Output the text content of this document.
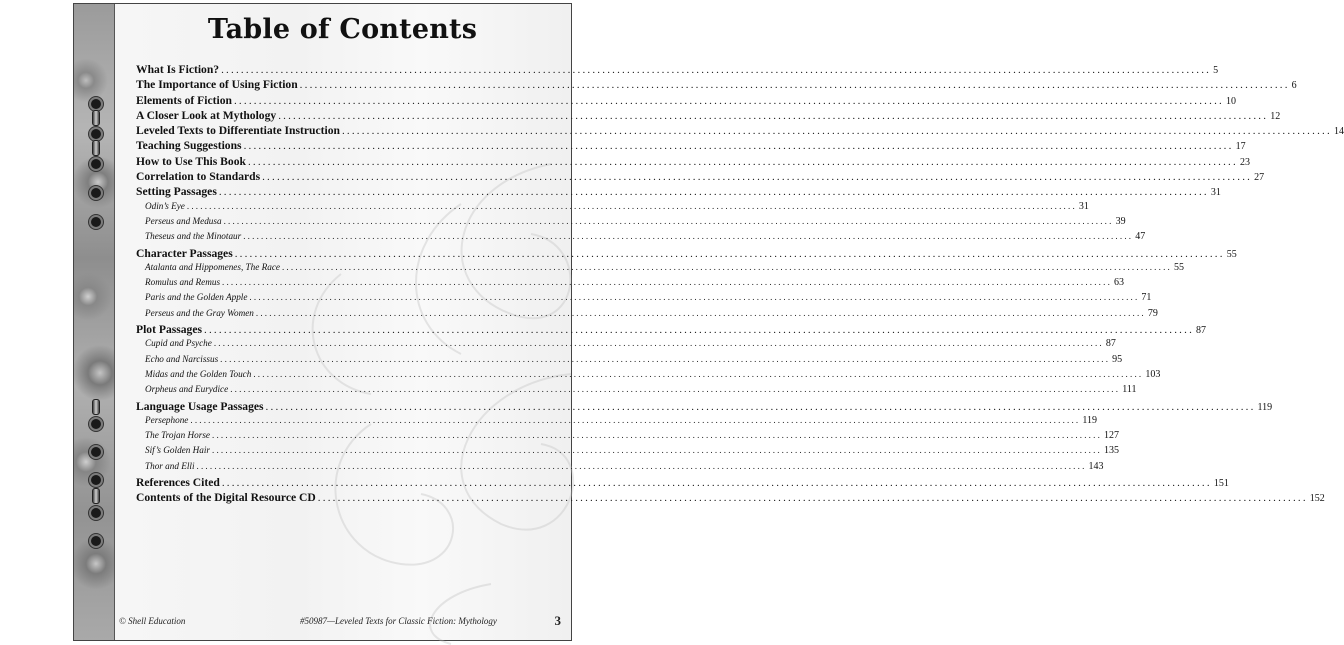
Table of Contents
What Is Fiction? ........................................................................................................................................................................................................ 5
The Importance of Using Fiction ........................................................................................................................................................................................................ 6
Elements of Fiction ........................................................................................................................................................................................................ 10
A Closer Look at Mythology ........................................................................................................................................................................................................ 12
Leveled Texts to Differentiate Instruction ........................................................................................................................................................................................................ 14
Teaching Suggestions ........................................................................................................................................................................................................ 17
How to Use This Book ........................................................................................................................................................................................................ 23
Correlation to Standards ........................................................................................................................................................................................................ 27
Setting Passages ........................................................................................................................................................................................................ 31
Odin’s Eye ........................................................................................................................................................................................................ 31
Perseus and Medusa ........................................................................................................................................................................................................ 39
Theseus and the Minotaur ........................................................................................................................................................................................................ 47
Character Passages ........................................................................................................................................................................................................ 55
Atalanta and Hippomenes, The Race ........................................................................................................................................................................................................ 55
Romulus and Remus ........................................................................................................................................................................................................ 63
Paris and the Golden Apple ........................................................................................................................................................................................................ 71
Perseus and the Gray Women ........................................................................................................................................................................................................ 79
Plot Passages ........................................................................................................................................................................................................ 87
Cupid and Psyche ........................................................................................................................................................................................................ 87
Echo and Narcissus ........................................................................................................................................................................................................ 95
Midas and the Golden Touch ........................................................................................................................................................................................................ 103
Orpheus and Eurydice ........................................................................................................................................................................................................ 111
Language Usage Passages ........................................................................................................................................................................................................ 119
Persephone ........................................................................................................................................................................................................ 119
The Trojan Horse ........................................................................................................................................................................................................ 127
Sif’s Golden Hair ........................................................................................................................................................................................................ 135
Thor and Elli ........................................................................................................................................................................................................ 143
References Cited ........................................................................................................................................................................................................ 151
Contents of the Digital Resource CD ........................................................................................................................................................................................................ 152
© Shell Education	#50987—Leveled Texts for Classic Fiction: Mythology	3
